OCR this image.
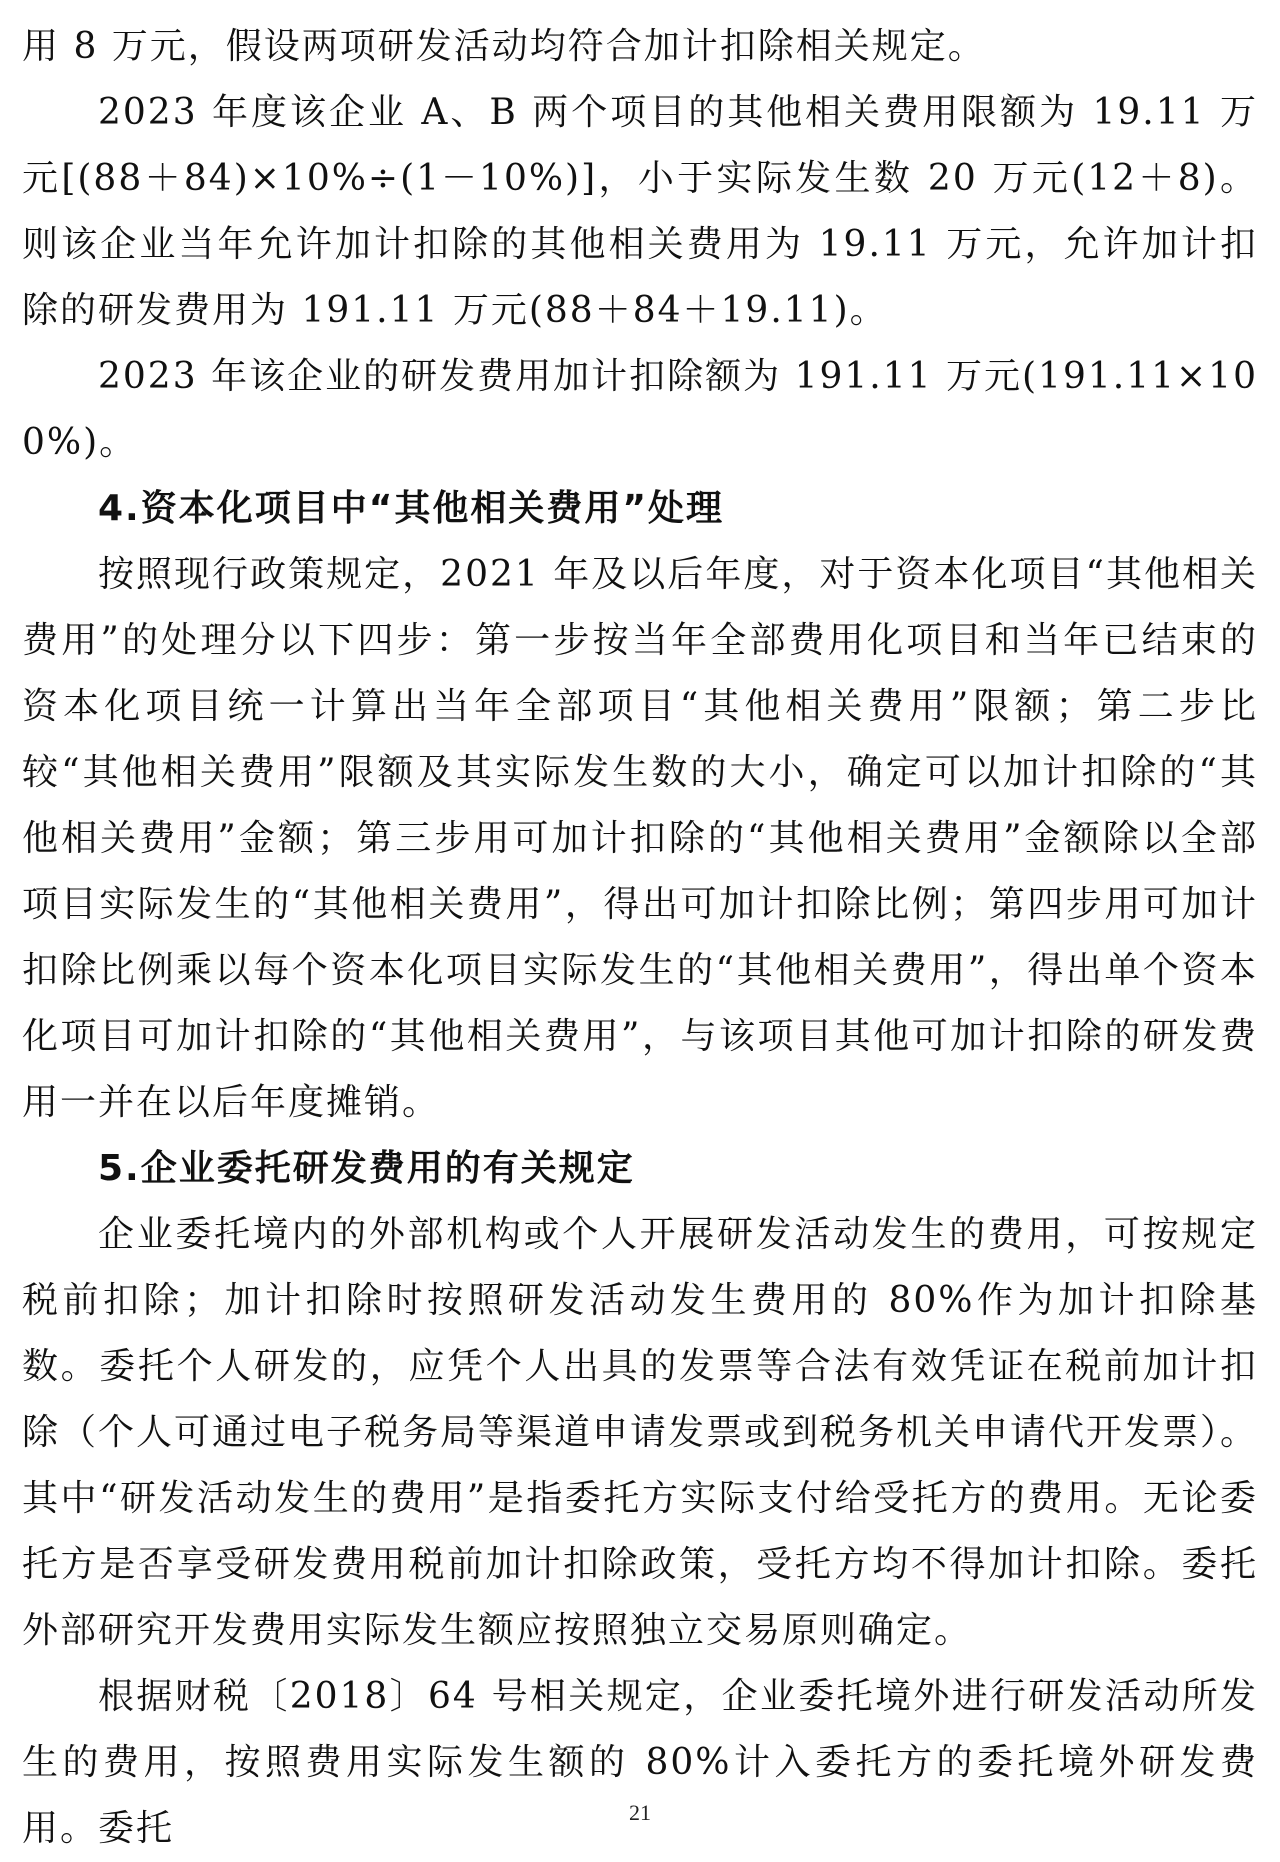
用 8 万元，假设两项研发活动均符合加计扣除相关规定。

2023 年度该企业 A、B 两个项目的其他相关费用限额为 19.11 万元[(88＋84)×10%÷(1－10%)]，小于实际发生数 20 万元(12＋8)。则该企业当年允许加计扣除的其他相关费用为 19.11 万元，允许加计扣除的研发费用为 191.11 万元(88＋84＋19.11)。

2023 年该企业的研发费用加计扣除额为 191.11 万元(191.11×100%)。

4.资本化项目中“其他相关费用”处理

按照现行政策规定，2021 年及以后年度，对于资本化项目“其他相关费用”的处理分以下四步：第一步按当年全部费用化项目和当年已结束的资本化项目统一计算出当年全部项目“其他相关费用”限额；第二步比较“其他相关费用”限额及其实际发生数的大小，确定可以加计扣除的“其他相关费用”金额；第三步用可加计扣除的“其他相关费用”金额除以全部项目实际发生的“其他相关费用”，得出可加计扣除比例；第四步用可加计扣除比例乘以每个资本化项目实际发生的“其他相关费用”，得出单个资本化项目可加计扣除的“其他相关费用”，与该项目其他可加计扣除的研发费用一并在以后年度摊销。

5.企业委托研发费用的有关规定

企业委托境内的外部机构或个人开展研发活动发生的费用，可按规定税前扣除；加计扣除时按照研发活动发生费用的 80%作为加计扣除基数。委托个人研发的，应凭个人出具的发票等合法有效凭证在税前加计扣除（个人可通过电子税务局等渠道申请发票或到税务机关申请代开发票）。其中“研发活动发生的费用”是指委托方实际支付给受托方的费用。无论委托方是否享受研发费用税前加计扣除政策，受托方均不得加计扣除。委托外部研究开发费用实际发生额应按照独立交易原则确定。

根据财税〔2018〕64 号相关规定，企业委托境外进行研发活动所发生的费用，按照费用实际发生额的 80%计入委托方的委托境外研发费用。委托	21
